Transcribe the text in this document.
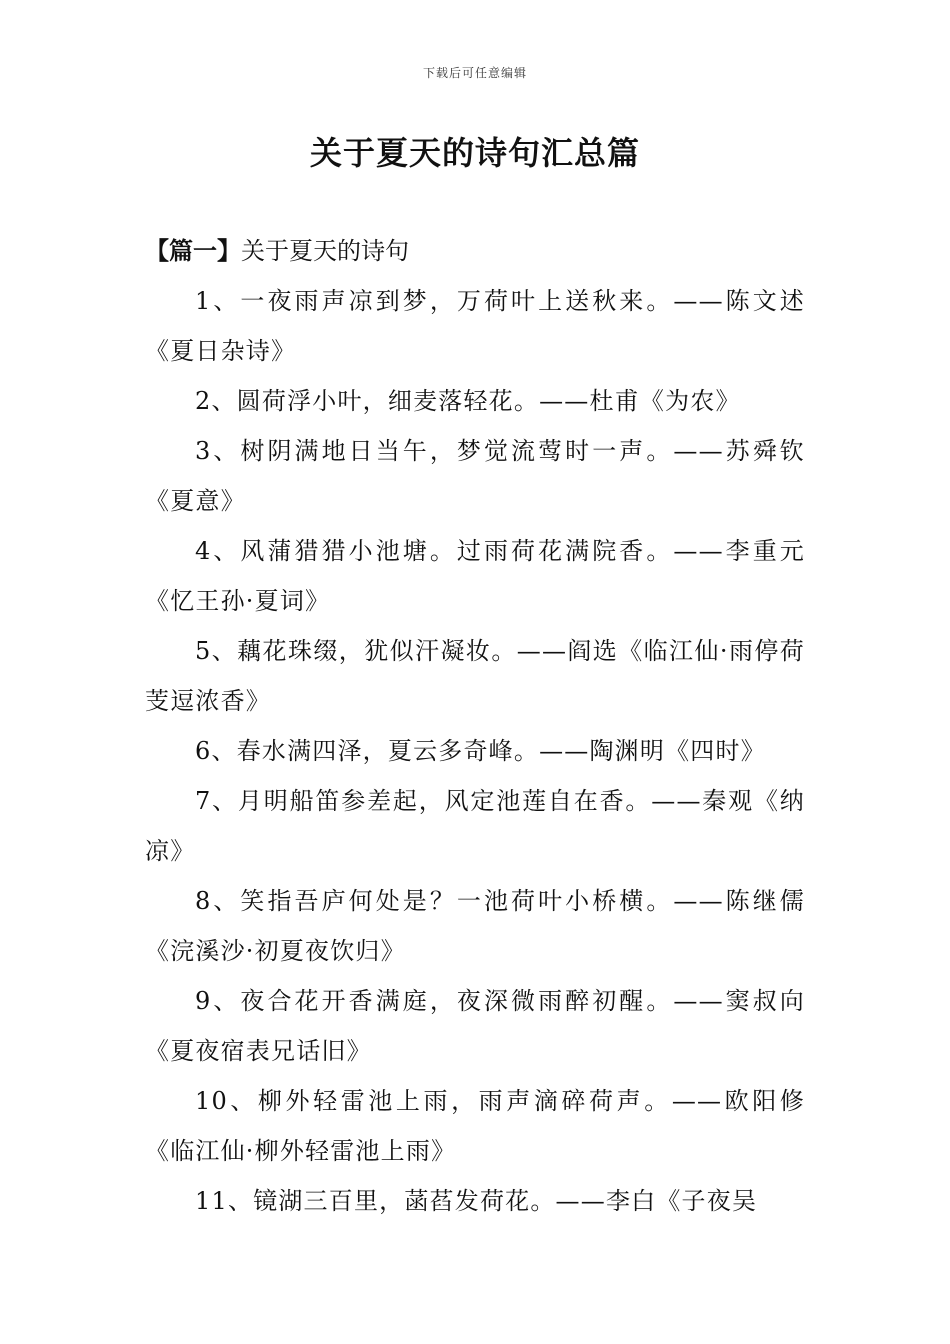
下载后可任意编辑
关于夏天的诗句汇总篇

【篇一】关于夏天的诗句

1、一夜雨声凉到梦，万荷叶上送秋来。——陈文述《夏日杂诗》

2、圆荷浮小叶，细麦落轻花。——杜甫《为农》

3、树阴满地日当午，梦觉流莺时一声。——苏舜钦《夏意》

4、风蒲猎猎小池塘。过雨荷花满院香。——李重元《忆王孙·夏词》

5、藕花珠缀，犹似汗凝妆。——阎选《临江仙·雨停荷芰逗浓香》

6、春水满四泽，夏云多奇峰。——陶渊明《四时》

7、月明船笛参差起，风定池莲自在香。——秦观《纳凉》

8、笑指吾庐何处是？一池荷叶小桥横。——陈继儒《浣溪沙·初夏夜饮归》

9、夜合花开香满庭，夜深微雨醉初醒。——窦叔向《夏夜宿表兄话旧》

10、柳外轻雷池上雨，雨声滴碎荷声。——欧阳修《临江仙·柳外轻雷池上雨》

11、镜湖三百里，菡萏发荷花。——李白《子夜吴
